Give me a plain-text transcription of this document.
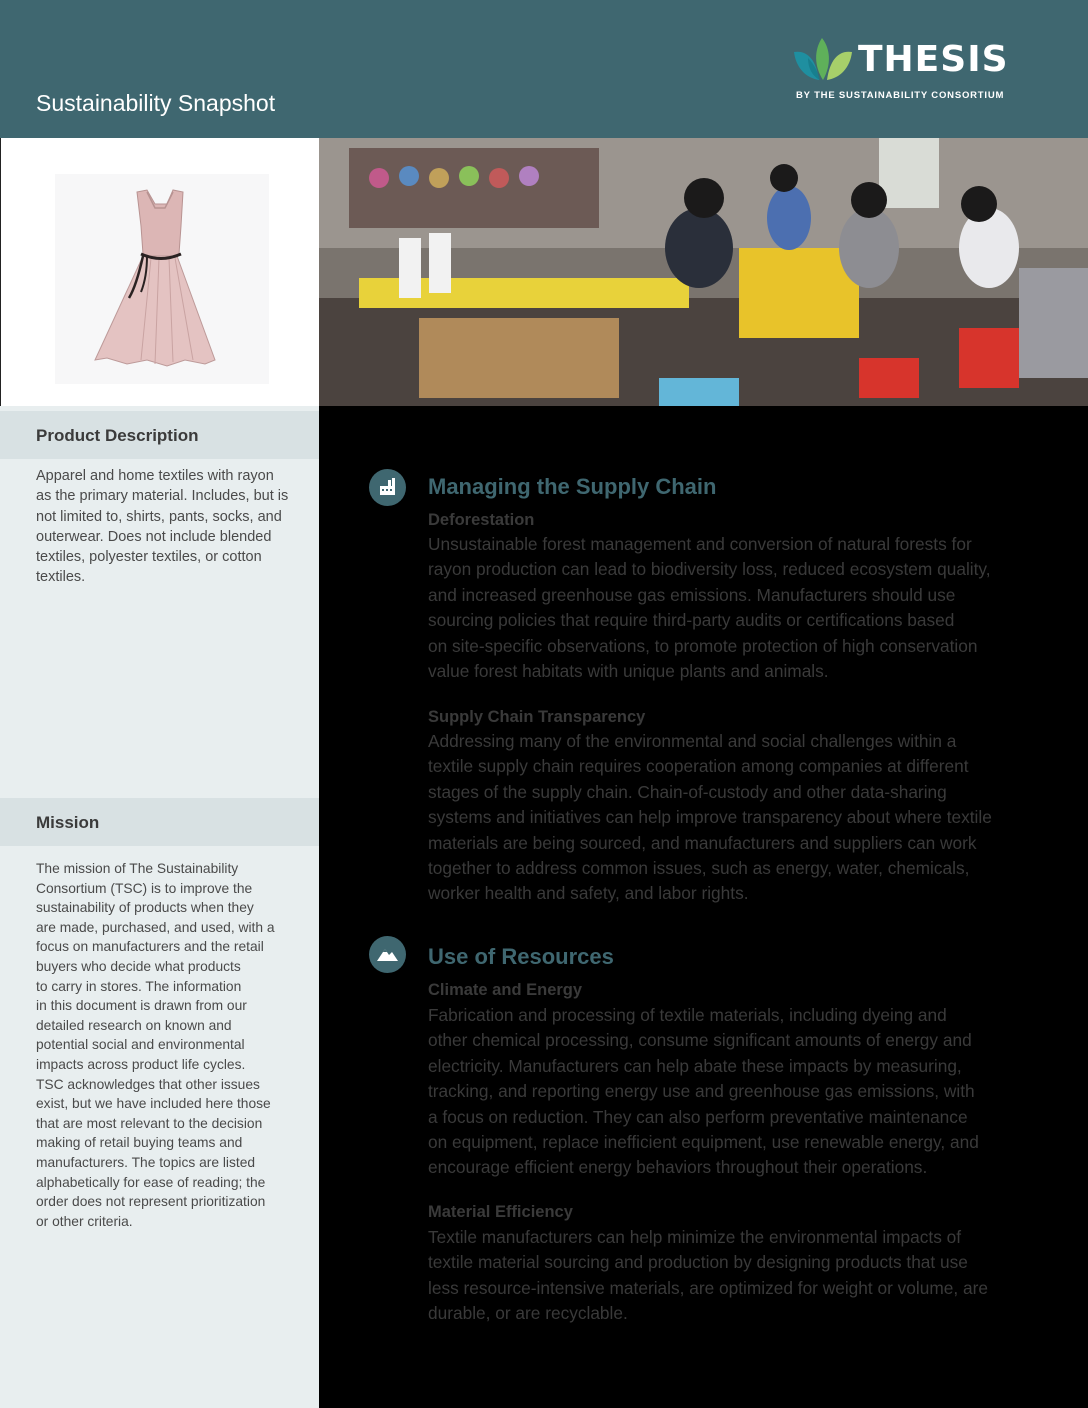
Sustainability Snapshot
THESIS
BY THE SUSTAINABILITY CONSORTIUM
Product Description
Apparel and home textiles with rayon
as the primary material. Includes, but is
not limited to, shirts, pants, socks, and
outerwear. Does not include blended
textiles, polyester textiles, or cotton
textiles.
Mission
The mission of The Sustainability
Consortium (TSC) is to improve the
sustainability of products when they
are made, purchased, and used, with a
focus on manufacturers and the retail
buyers who decide what products
to carry in stores. The information
in this document is drawn from our
detailed research on known and
potential social and environmental
impacts across product life cycles.
TSC acknowledges that other issues
exist, but we have included here those
that are most relevant to the decision
making of retail buying teams and
manufacturers. The topics are listed
alphabetically for ease of reading; the
order does not represent prioritization
or other criteria.
Managing the Supply Chain
Deforestation
Unsustainable forest management and conversion of natural forests for
rayon production can lead to biodiversity loss, reduced ecosystem quality,
and increased greenhouse gas emissions. Manufacturers should use
sourcing policies that require third-party audits or certifications based
on site-specific observations, to promote protection of high conservation
value forest habitats with unique plants and animals.
Supply Chain Transparency
Addressing many of the environmental and social challenges within a
textile supply chain requires cooperation among companies at different
stages of the supply chain. Chain-of-custody and other data-sharing
systems and initiatives can help improve transparency about where textile
materials are being sourced, and manufacturers and suppliers can work
together to address common issues, such as energy, water, chemicals,
worker health and safety, and labor rights.
Use of Resources
Climate and Energy
Fabrication and processing of textile materials, including dyeing and
other chemical processing, consume significant amounts of energy and
electricity. Manufacturers can help abate these impacts by measuring,
tracking, and reporting energy use and greenhouse gas emissions, with
a focus on reduction. They can also perform preventative maintenance
on equipment, replace inefficient equipment, use renewable energy, and
encourage efficient energy behaviors throughout their operations.
Material Efficiency
Textile manufacturers can help minimize the environmental impacts of
textile material sourcing and production by designing products that use
less resource-intensive materials, are optimized for weight or volume, are
durable, or are recyclable.
